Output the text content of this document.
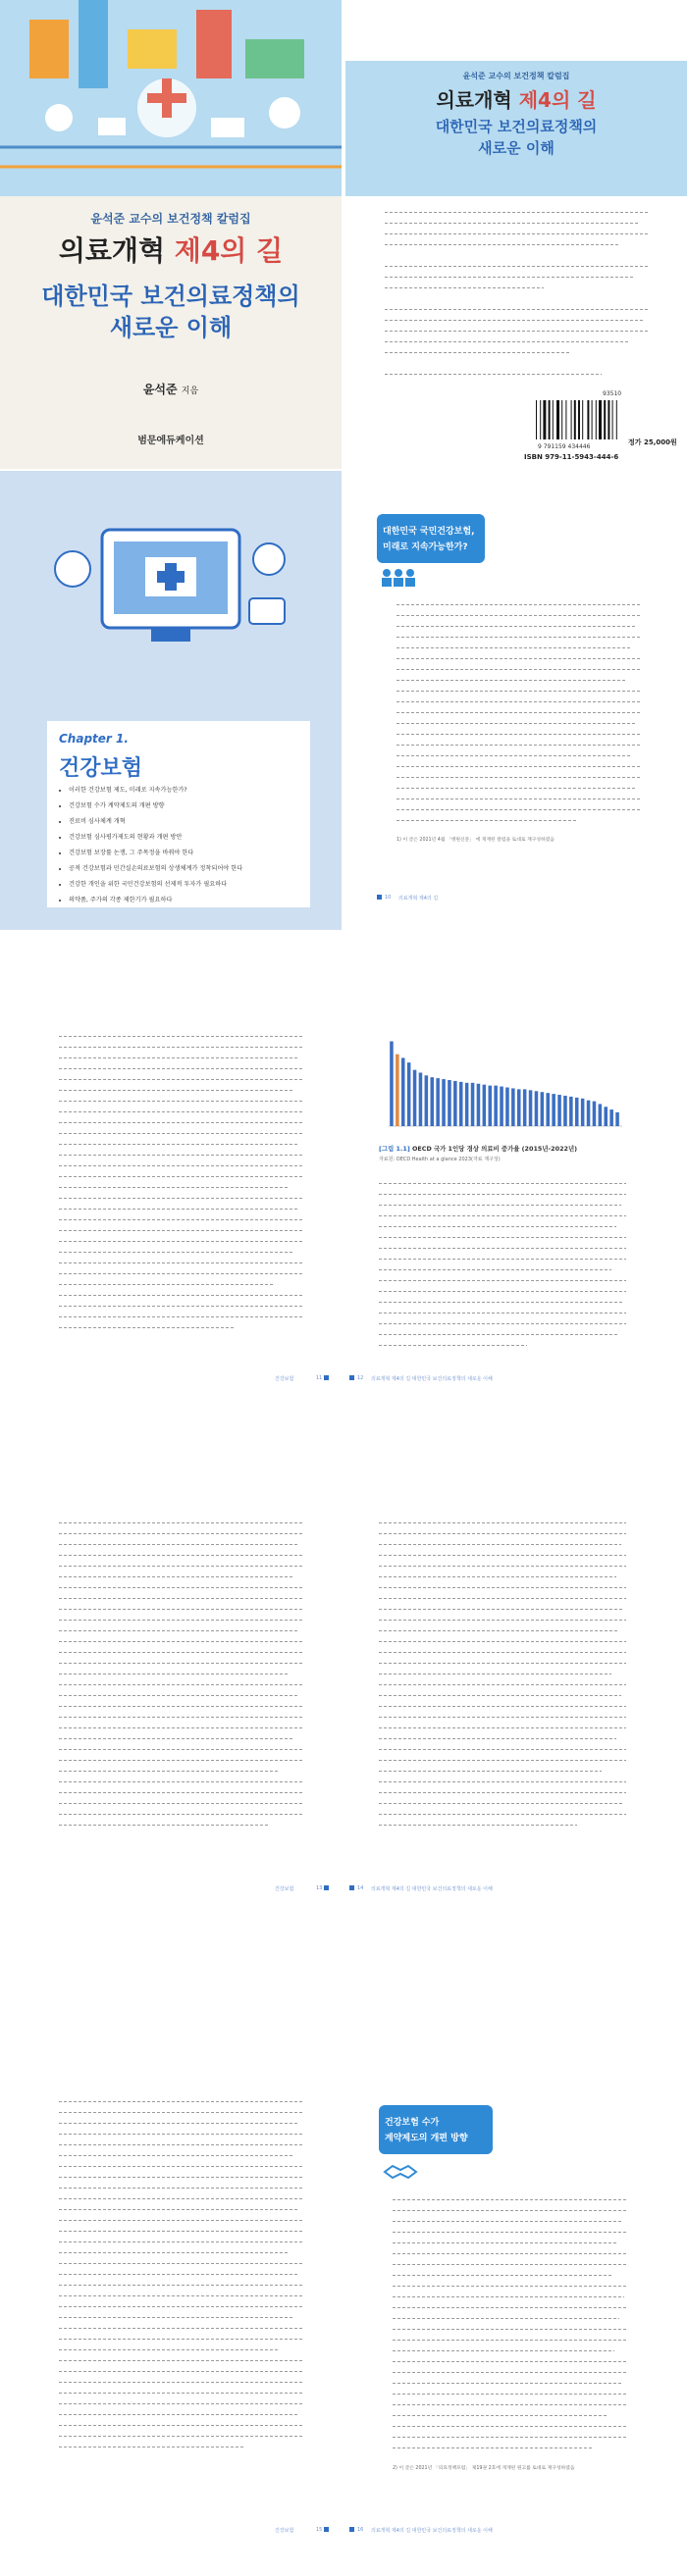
윤석준 교수의 보건정책 칼럼집
의료개혁 제4의 길
대한민국 보건의료정책의
새로운 이해
윤석준 지음
범문에듀케이션
윤석준 교수의 보건정책 칼럼집
의료개혁 제4의 길
대한민국 보건의료정책의
새로운 이해
93510
9 791159 434446
ISBN 979-11-5943-444-6
정가 25,000원
Chapter 1.
건강보험
• 이러한 건강보험 제도, 미래로 지속가능한가?
• 건강보험 수가 계약제도의 개편 방향
• 진료비 심사체계 개혁
• 건강보험 심사평가제도의 현황과 개편 방안
• 건강보험 보장률 논쟁, 그 주목정을 바꿔야 한다
• 공적 건강보험과 민간실손의료보험의 상생체계가 정착되어야 한다
• 건강한 개인을 위한 국민건강보험의 선제적 투자가 필요하다
• 의약품, 주가의 각종 제한기가 필요하다
대한민국 국민건강보험,
미래로 지속가능한가?
1) 이 글은 2021년 4월 「병원신문」 에 게재된 칼럼을 토대로 재구성하였음
10 의료개혁 제4의 길
건강보험	11
[그림 1.1] OECD 국가 1인당 경상 의료비 증가율 (2015년-2022년)
자료원: OECD Health at a glance 2023(자료 재구성)
12 의료개혁 제4의 길 대한민국 보건의료정책의 새로운 이해
건강보험	13	14 의료개혁 제4의 길 대한민국 보건의료정책의 새로운 이해
건강보험	15
건강보험 수가
계약제도의 개편 방향
2) 이 글은 2021년 「의료정책포럼」 제19권 2호에 게재된 원고를 토대로 재구성하였음
16 의료개혁 제4의 길 대한민국 보건의료정책의 새로운 이해
